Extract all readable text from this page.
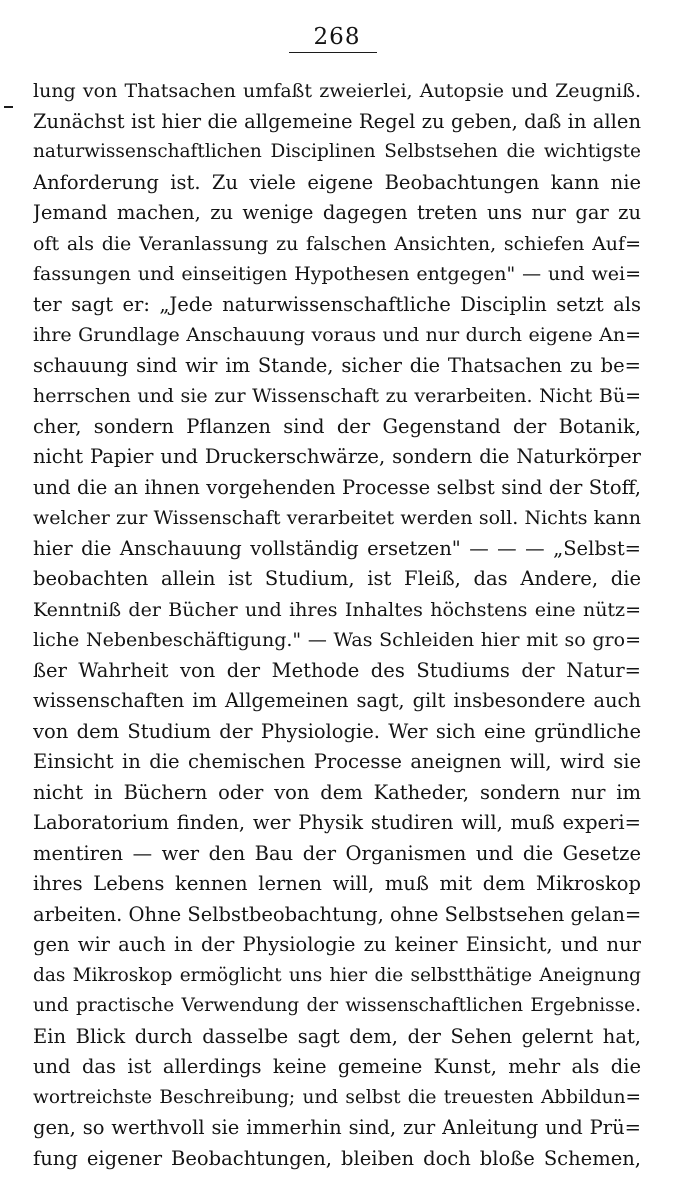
268
lung von Thatsachen umfaßt zweierlei, Autopsie und Zeugniß.
Zunächst ist hier die allgemeine Regel zu geben, daß in allen
naturwissenschaftlichen Disciplinen Selbstsehen die wichtigste
Anforderung ist. Zu viele eigene Beobachtungen kann nie
Jemand machen, zu wenige dagegen treten uns nur gar zu
oft als die Veranlassung zu falschen Ansichten, schiefen Auf=
fassungen und einseitigen Hypothesen entgegen" — und wei=
ter sagt er: „Jede naturwissenschaftliche Disciplin setzt als
ihre Grundlage Anschauung voraus und nur durch eigene An=
schauung sind wir im Stande, sicher die Thatsachen zu be=
herrschen und sie zur Wissenschaft zu verarbeiten. Nicht Bü=
cher, sondern Pflanzen sind der Gegenstand der Botanik,
nicht Papier und Druckerschwärze, sondern die Naturkörper
und die an ihnen vorgehenden Processe selbst sind der Stoff,
welcher zur Wissenschaft verarbeitet werden soll. Nichts kann
hier die Anschauung vollständig ersetzen" — — — „Selbst=
beobachten allein ist Studium, ist Fleiß, das Andere, die
Kenntniß der Bücher und ihres Inhaltes höchstens eine nütz=
liche Nebenbeschäftigung." — Was Schleiden hier mit so gro=
ßer Wahrheit von der Methode des Studiums der Natur=
wissenschaften im Allgemeinen sagt, gilt insbesondere auch
von dem Studium der Physiologie. Wer sich eine gründliche
Einsicht in die chemischen Processe aneignen will, wird sie
nicht in Büchern oder von dem Katheder, sondern nur im
Laboratorium finden, wer Physik studiren will, muß experi=
mentiren — wer den Bau der Organismen und die Gesetze
ihres Lebens kennen lernen will, muß mit dem Mikroskop
arbeiten. Ohne Selbstbeobachtung, ohne Selbstsehen gelan=
gen wir auch in der Physiologie zu keiner Einsicht, und nur
das Mikroskop ermöglicht uns hier die selbstthätige Aneignung
und practische Verwendung der wissenschaftlichen Ergebnisse.
Ein Blick durch dasselbe sagt dem, der Sehen gelernt hat,
und das ist allerdings keine gemeine Kunst, mehr als die
wortreichste Beschreibung; und selbst die treuesten Abbildun=
gen, so werthvoll sie immerhin sind, zur Anleitung und Prü=
fung eigener Beobachtungen, bleiben doch bloße Schemen,
